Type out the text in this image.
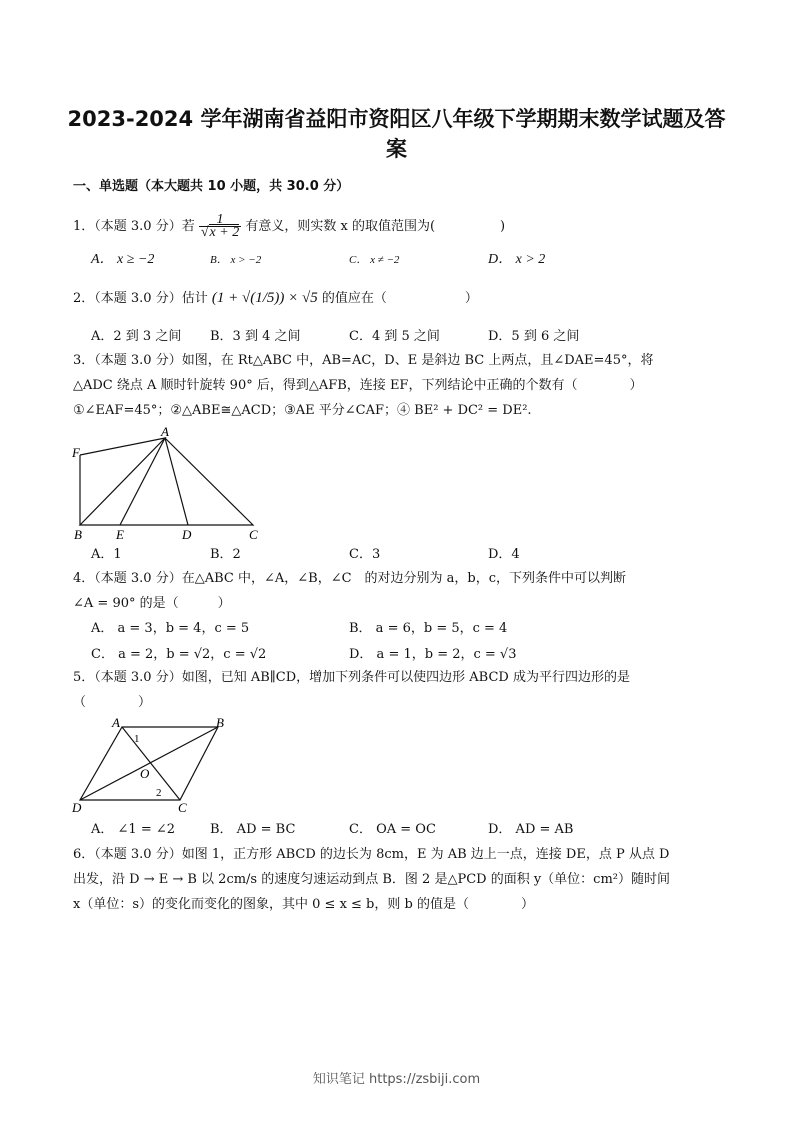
2023-2024 学年湖南省益阳市资阳区八年级下学期期末数学试题及答
案
一、单选题（本大题共 10 小题，共 30.0 分）
1．（本题 3.0 分）若 $\frac{1}{√x + 2}$ 有意义，则实数 x 的取值范围为(　　　　　)
A． x ≥ −2	B． x > −2	C． x ≠ −2	D． x > 2
2．（本题 3.0 分）估计 (1 + √(1/5)) × √5 的值应在（　　　　　　）
A．2 到 3 之间 B．3 到 4 之间	C．4 到 5 之间	D．5 到 6 之间
3．（本题 3.0 分）如图，在 Rt△ABC 中，AB=AC，D、E 是斜边 BC 上两点，且∠DAE=45°，将
△ADC 绕点 A 顺时针旋转 90° 后，得到△AFB，连接 EF，下列结论中正确的个数有（　　　　）
①∠EAF=45°；②△ABE≅△ACD；③AE 平分∠CAF；④ BE² + DC² = DE².
F
A
B	E	D	C
A．1	B．2	C．3	D．4
4．（本题 3.0 分）在△ABC 中，∠A，∠B，∠C　的对边分别为 a，b，c，下列条件中可以判断
∠A = 90° 的是（　　　）
A． a = 3，b = 4，c = 5	B． a = 6，b = 5，c = 4
C． a = 2，b = √2，c = √2	D． a = 1，b = 2，c = √3
5．（本题 3.0 分）如图，已知 AB∥CD，增加下列条件可以使四边形 ABCD 成为平行四边形的是
（　　　　）
A	B
1
O
2
D	C
A． ∠1 = ∠2	B． AD = BC	C． OA = OC	D． AD = AB
6．（本题 3.0 分）如图 1，正方形 ABCD 的边长为 8cm，E 为 AB 边上一点，连接 DE，点 P 从点 D
出发，沿 D → E → B 以 2cm/s 的速度匀速运动到点 B．图 2 是△PCD 的面积 y（单位：cm²）随时间
x（单位：s）的变化而变化的图象，其中 0 ≤ x ≤ b，则 b 的值是（　　　　）
知识笔记 https://zsbiji.com
